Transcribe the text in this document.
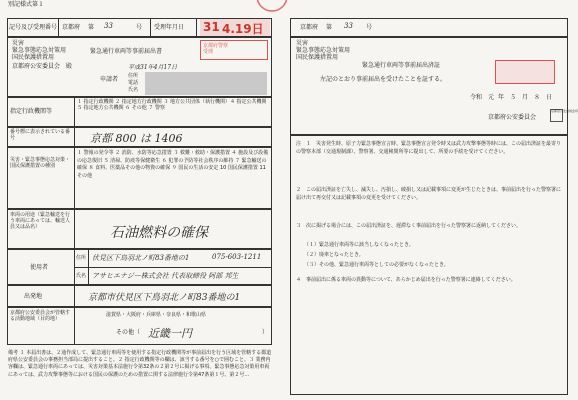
別記様式第１
記号及び受理番号 京都府 第 33	号 受理年月日 31 4.19日
災害
緊急事態応急対策用
国民保護措置用
緊急通行車両等事前届出書
京都府警察
受理
京都府公安委員会　殿	平成31年4月17日
申請者 住所
電話
氏名
指定行政機関等
１ 指定行政機関 ２ 指定地方行政機関 ３ 地方公共団体（執行機関）４ 指定公共機関 ５ 指定地方公共機関 ６ その他 ７ 警察
番号標に表示されている番号	京都 800 は 1406
災害・緊急事態応急対策・国民保護措置の種別
１ 警報の発令等 ２ 消防、水防等応急措置 ３ 救難・救助・保護措置 ４ 施設及び設備の応急復旧 ５ 清掃、防疫等保健衛生 ６ 犯罪の予防等社会秩序の維持 ７ 緊急輸送の確保 ８ 食料、医薬品その他の物資の確保 ９ 国民の生活の安定 10 国民保護措置 11 その他
車両の用途（緊急輸送を行う車両にあっては、輸送人員又は品名）	石油燃料の確保
使用者
住所 伏見区下鳥羽北ノ町83番地の1	075-603-1211
氏名 アサヒエナジー株式会社 代表取締役 阿部 邦生
出発地	京都市伏見区下鳥羽北ノ町83番地の1
京都府公安委員会が管轄する活動地域（目的地）
滋賀県・大阪府・兵庫県・奈良県・和歌山県
その他（ 近畿一円	）
備考 １ 本届出書は、２通作成して、緊急通行車両等を使用する指定行政機関等が事前届出を行う区域を管轄する都道府県公安委員会の事務担当部局に提出すること。２ 指定行政機関等の欄は、該当する番号を○で囲むこと。３ 業務内容欄は、緊急通行車両にあっては、災害対策基本法施行令第32条の２第２号に掲げる事項、緊急事態応急対策用車両にあっては、武力攻撃事態等における国民の保護のための措置に関する法律施行令第47条第１号、第２号…
京都府 第 33 号
災害
緊急事態応急対策用
国民保護措置用
緊急通行車両等事前届出済証
左記のとおり事前届出を受けたことを証する。
令和 元 年　５　月　８　日
京都府公安委員会
京都府公安委員会印
注　１　災害発生時、原子力緊急事態宣言時、緊急事態宣言発令時又は武力攻撃事態等時には、この届出済証を最寄りの警察本部（交通規制課）、警察署、交通検問所等に提出して、所要の手続を受けてください。
２　この届出済証を亡失し、滅失し、汚損し、破損し又は記載事項に変更が生じたときは、事前届出を行った警察署に届け出て再交付又は記載事項の変更を受けてください。
３　次に掲げる場合には、この届出済証を、遅滞なく事前届出を行った警察署に返納してください。
（１）緊急通行車両等に該当しなくなったとき。
（２）廃車となったとき。
（３）その他、緊急通行車両等としての必要がなくなったとき。
４　事前届出に係る車両の異動等について、あらかじめ届出を行った警察署に連絡してください。
